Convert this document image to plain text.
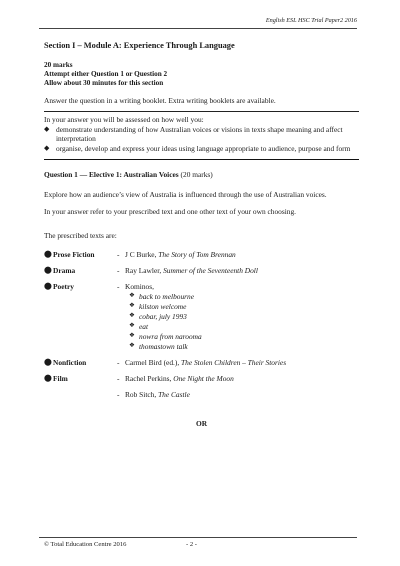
English ESL HSC Trial Paper2 2016
Section I – Module A: Experience Through Language
20 marks
Attempt either Question 1 or Question 2
Allow about 30 minutes for this section

Answer the question in a writing booklet. Extra writing booklets are available.

In your answer you will be assessed on how well you:

◆ demonstrate understanding of how Australian voices or visions in texts shape meaning and affect interpretation
◆ organise, develop and express your ideas using language appropriate to audience, purpose and form
Question 1 — Elective 1: Australian Voices (20 marks)

Explore how an audience’s view of Australia is influenced through the use of Australian voices.

In your answer refer to your prescribed text and one other text of your own choosing.

The prescribed texts are:

⬤ Prose Fiction	- J C Burke, The Story of Tom Brennan
⬤ Drama	- Ray Lawler, Summer of the Seventeenth Doll
⬤ Poetry	- Kominos,
❖ back to melbourne
❖ kilston welcome
❖ cobar, july 1993
❖ eat
❖ nowra from narooma
❖ thomastown talk
⬤ Nonfiction	- Carmel Bird (ed.), The Stolen Children – Their Stories
⬤ Film	- Rachel Perkins, One Night the Moon
- Rob Sitch, The Castle
OR
© Total Education Centre 2016	- 2 -
